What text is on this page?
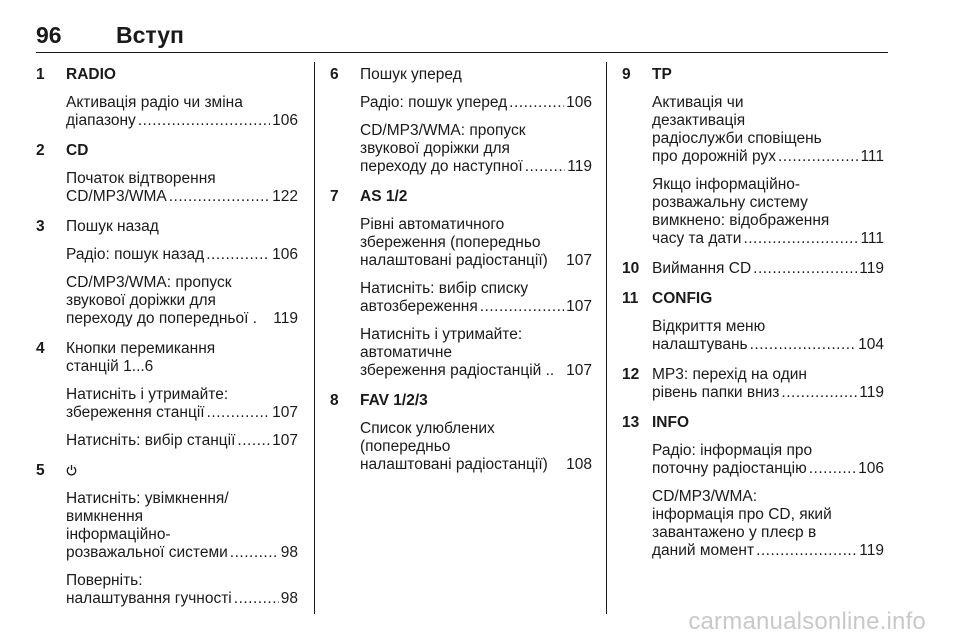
96 Вступ
1 RADIO
Активація радіо чи зміна
діапазону .....	106
2 CD
Початок відтворення
CD/MP3/WMA .....	122
3 Пошук назад
Радіо: пошук назад .....	106
CD/MP3/WMA: пропуск
звукової доріжки для
переходу до попередньої . 119
4 Кнопки перемикання
станцій 1...6
Натисніть і утримайте:
збереження станції .....	107
Натисніть: вибір станції ..... 107
5
Натисніть: увімкнення/
вимкнення
інформаційно-
розважальної системи .....	98
Поверніть:
налаштування гучності .....	98
6 Пошук уперед
Радіо: пошук уперед .....	106
CD/MP3/WMA: пропуск
звукової доріжки для
переходу до наступної .....	119
7 AS 1/2
Рівні автоматичного
збереження (попередньо
налаштовані радіостанції) 107
Натисніть: вибір списку
автозбереження .....	107
Натисніть і утримайте:
автоматичне
збереження радіостанцій .. 107
8 FAV 1/2/3
Список улюблених
(попередньо
налаштовані радіостанції) 108
9 TP
Активація чи
дезактивація
радіослужби сповіщень
про дорожній рух .....	111
Якщо інформаційно-
розважальну систему
вимкнено: відображення
часу та дати .....	111
10 Виймання CD .....	119
11 CONFIG
Відкриття меню
налаштувань .....	104
12 MP3: перехід на один
рівень папки вниз .....	119
13 INFO
Радіо: інформація про
поточну радіостанцію .....	106
CD/MP3/WMA:
інформація про CD, який
завантажено у плеєр в
даний момент .....	119
carmanualsonline.info
